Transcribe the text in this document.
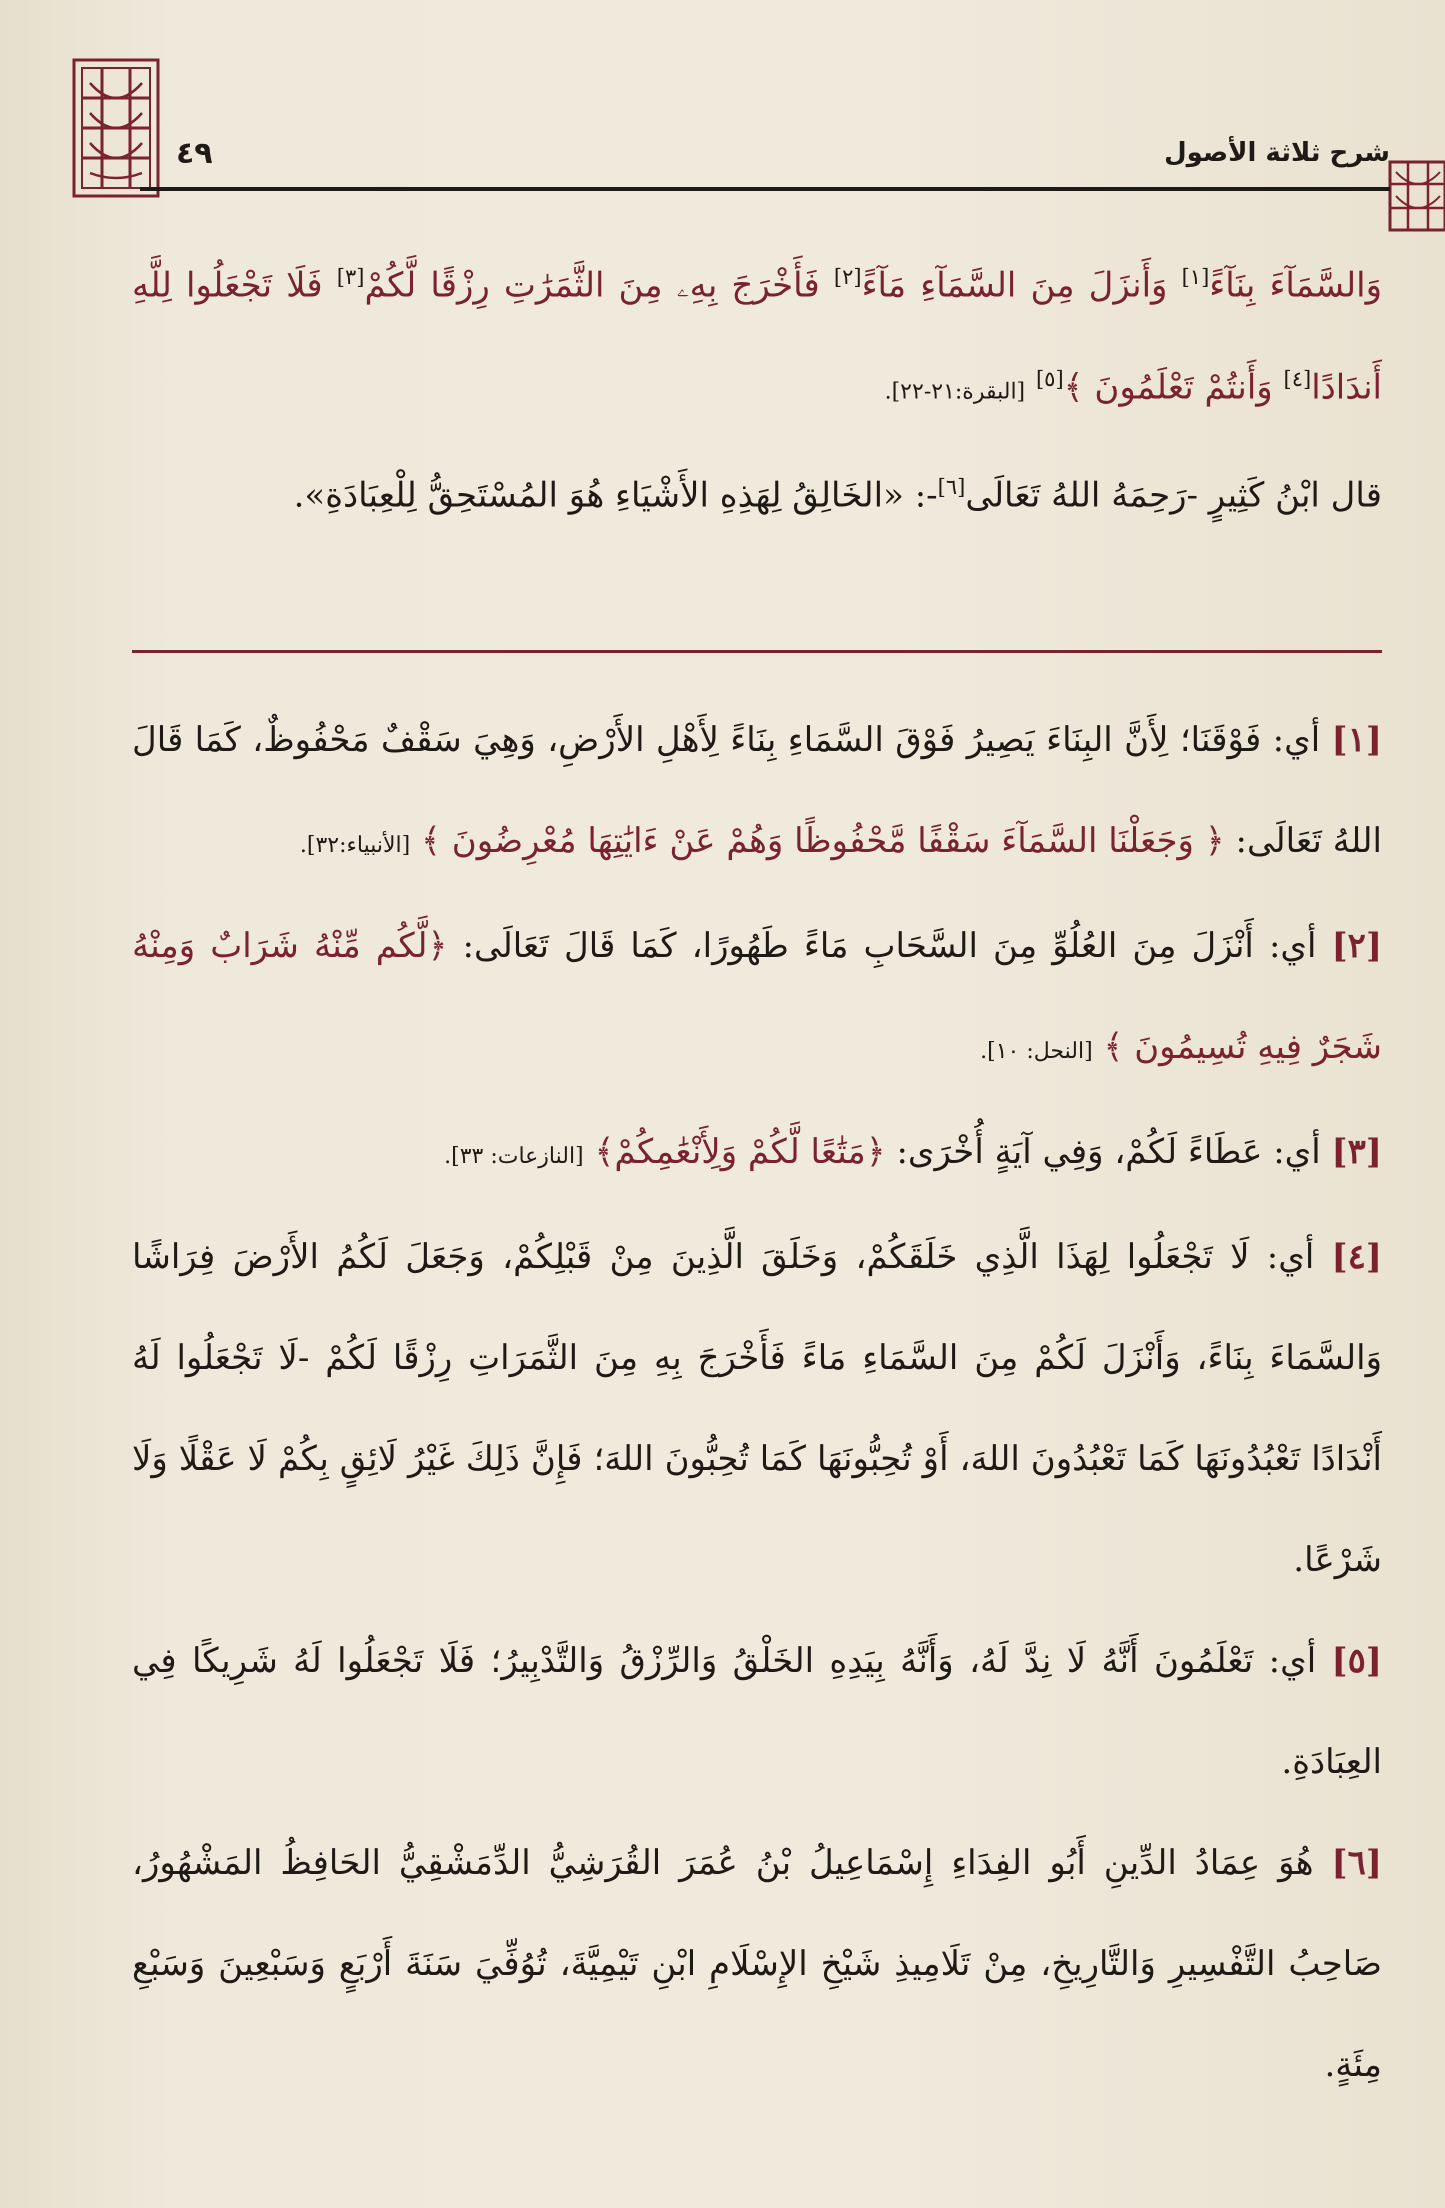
شرح ثلاثة الأصول
٤٩

وَالسَّمَآءَ بِنَآءً[١] وَأَنزَلَ مِنَ السَّمَآءِ مَآءً[٢] فَأَخْرَجَ بِهِۦ مِنَ الثَّمَرَٰتِ رِزْقًا لَّكُمْ[٣] فَلَا تَجْعَلُوا لِلَّهِ أَندَادًا[٤] وَأَنتُمْ تَعْلَمُونَ ﴾[٥] [البقرة:٢١-٢٢].

قال ابْنُ كَثِيرٍ -رَحِمَهُ اللهُ تَعَالَى[٦]-: «الخَالِقُ لِهَذِهِ الأَشْيَاءِ هُوَ المُسْتَحِقُّ لِلْعِبَادَةِ».

[١] أي: فَوْقَنَا؛ لِأَنَّ البِنَاءَ يَصِيرُ فَوْقَ السَّمَاءِ بِنَاءً لِأَهْلِ الأَرْضِ، وَهِيَ سَقْفٌ مَحْفُوظٌ، كَمَا قَالَ اللهُ تَعَالَى: ﴿ وَجَعَلْنَا السَّمَآءَ سَقْفًا مَّحْفُوظًا وَهُمْ عَنْ ءَايَٰتِهَا مُعْرِضُونَ ﴾ [الأنبياء:٣٢].

[٢] أي: أَنْزَلَ مِنَ العُلُوِّ مِنَ السَّحَابِ مَاءً طَهُورًا، كَمَا قَالَ تَعَالَى: ﴿لَّكُم مِّنْهُ شَرَابٌ وَمِنْهُ شَجَرٌ فِيهِ تُسِيمُونَ ﴾ [النحل: ١٠].

[٣] أي: عَطَاءً لَكُمْ، وَفِي آيَةٍ أُخْرَى: ﴿مَتَٰعًا لَّكُمْ وَلِأَنْعَٰمِكُمْ﴾ [النازعات: ٣٣].

[٤] أي: لَا تَجْعَلُوا لِهَذَا الَّذِي خَلَقَكُمْ، وَخَلَقَ الَّذِينَ مِنْ قَبْلِكُمْ، وَجَعَلَ لَكُمُ الأَرْضَ فِرَاشًا وَالسَّمَاءَ بِنَاءً، وَأَنْزَلَ لَكُمْ مِنَ السَّمَاءِ مَاءً فَأَخْرَجَ بِهِ مِنَ الثَّمَرَاتِ رِزْقًا لَكُمْ -لَا تَجْعَلُوا لَهُ أَنْدَادًا تَعْبُدُونَهَا كَمَا تَعْبُدُونَ اللهَ، أَوْ تُحِبُّونَهَا كَمَا تُحِبُّونَ اللهَ؛ فَإِنَّ ذَلِكَ غَيْرُ لَائِقٍ بِكُمْ لَا عَقْلًا وَلَا شَرْعًا.

[٥] أي: تَعْلَمُونَ أَنَّهُ لَا نِدَّ لَهُ، وَأَنَّهُ بِيَدِهِ الخَلْقُ وَالرِّزْقُ وَالتَّدْبِيرُ؛ فَلَا تَجْعَلُوا لَهُ شَرِيكًا فِي العِبَادَةِ.

[٦] هُوَ عِمَادُ الدِّينِ أَبُو الفِدَاءِ إِسْمَاعِيلُ بْنُ عُمَرَ القُرَشِيُّ الدِّمَشْقِيُّ الحَافِظُ المَشْهُورُ، صَاحِبُ التَّفْسِيرِ وَالتَّارِيخِ، مِنْ تَلَامِيذِ شَيْخِ الإِسْلَامِ ابْنِ تَيْمِيَّةَ، تُوُفِّيَ سَنَةَ أَرْبَعٍ وَسَبْعِينَ وَسَبْعِ مِئَةٍ.
